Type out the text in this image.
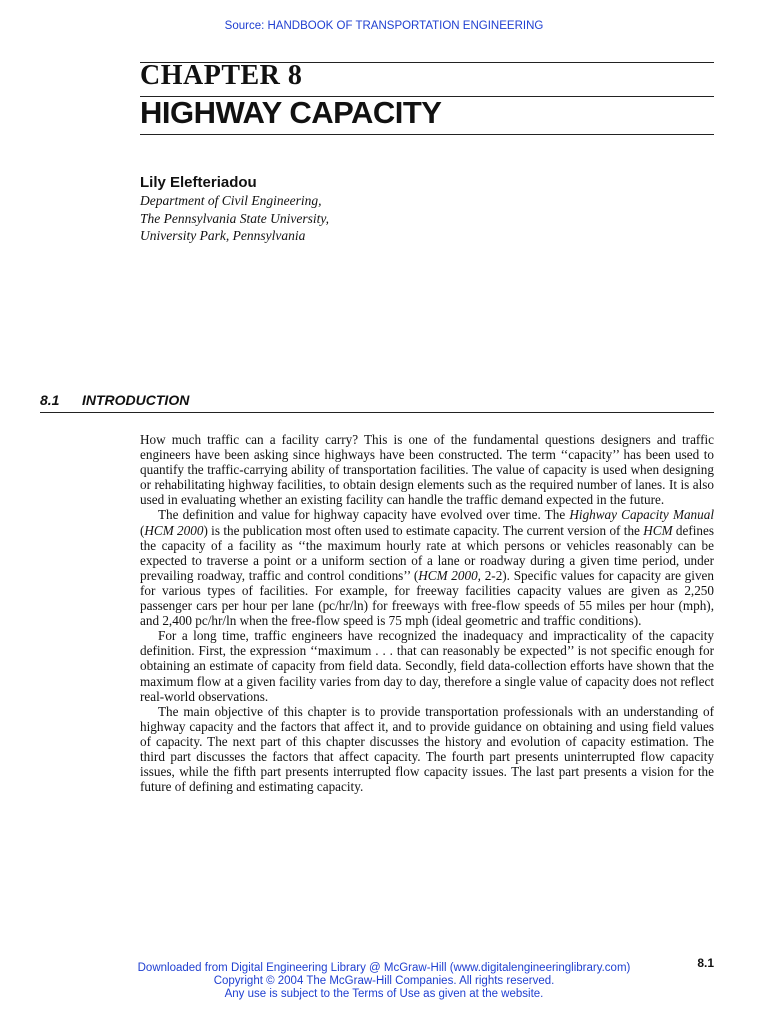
Source: HANDBOOK OF TRANSPORTATION ENGINEERING
CHAPTER 8
HIGHWAY CAPACITY
Lily Elefteriadou
Department of Civil Engineering,
The Pennsylvania State University,
University Park, Pennsylvania
8.1 INTRODUCTION

How much traffic can a facility carry? This is one of the fundamental questions designers and traffic engineers have been asking since highways have been constructed. The term ‘‘capacity’’ has been used to quantify the traffic-carrying ability of transportation facilities. The value of capacity is used when designing or rehabilitating highway facilities, to obtain design elements such as the required number of lanes. It is also used in evaluating whether an existing facility can handle the traffic demand expected in the future.

The definition and value for highway capacity have evolved over time. The Highway Capacity Manual (HCM 2000) is the publication most often used to estimate capacity. The current version of the HCM defines the capacity of a facility as ‘‘the maximum hourly rate at which persons or vehicles reasonably can be expected to traverse a point or a uniform section of a lane or roadway during a given time period, under prevailing roadway, traffic and control conditions’’ (HCM 2000, 2-2). Specific values for capacity are given for various types of facilities. For example, for freeway facilities capacity values are given as 2,250 passenger cars per hour per lane (pc/hr/ln) for freeways with free-flow speeds of 55 miles per hour (mph), and 2,400 pc/hr/ln when the free-flow speed is 75 mph (ideal geometric and traffic conditions).

For a long time, traffic engineers have recognized the inadequacy and impracticality of the capacity definition. First, the expression ‘‘maximum . . . that can reasonably be expected’’ is not specific enough for obtaining an estimate of capacity from field data. Secondly, field data-collection efforts have shown that the maximum flow at a given facility varies from day to day, therefore a single value of capacity does not reflect real-world observations.

The main objective of this chapter is to provide transportation professionals with an understanding of highway capacity and the factors that affect it, and to provide guidance on obtaining and using field values of capacity. The next part of this chapter discusses the history and evolution of capacity estimation. The third part discusses the factors that affect capacity. The fourth part presents uninterrupted flow capacity issues, while the fifth part presents interrupted flow capacity issues. The last part presents a vision for the future of defining and estimating capacity.

8.1
Downloaded from Digital Engineering Library @ McGraw-Hill (www.digitalengineeringlibrary.com)
Copyright © 2004 The McGraw-Hill Companies. All rights reserved.
Any use is subject to the Terms of Use as given at the website.
